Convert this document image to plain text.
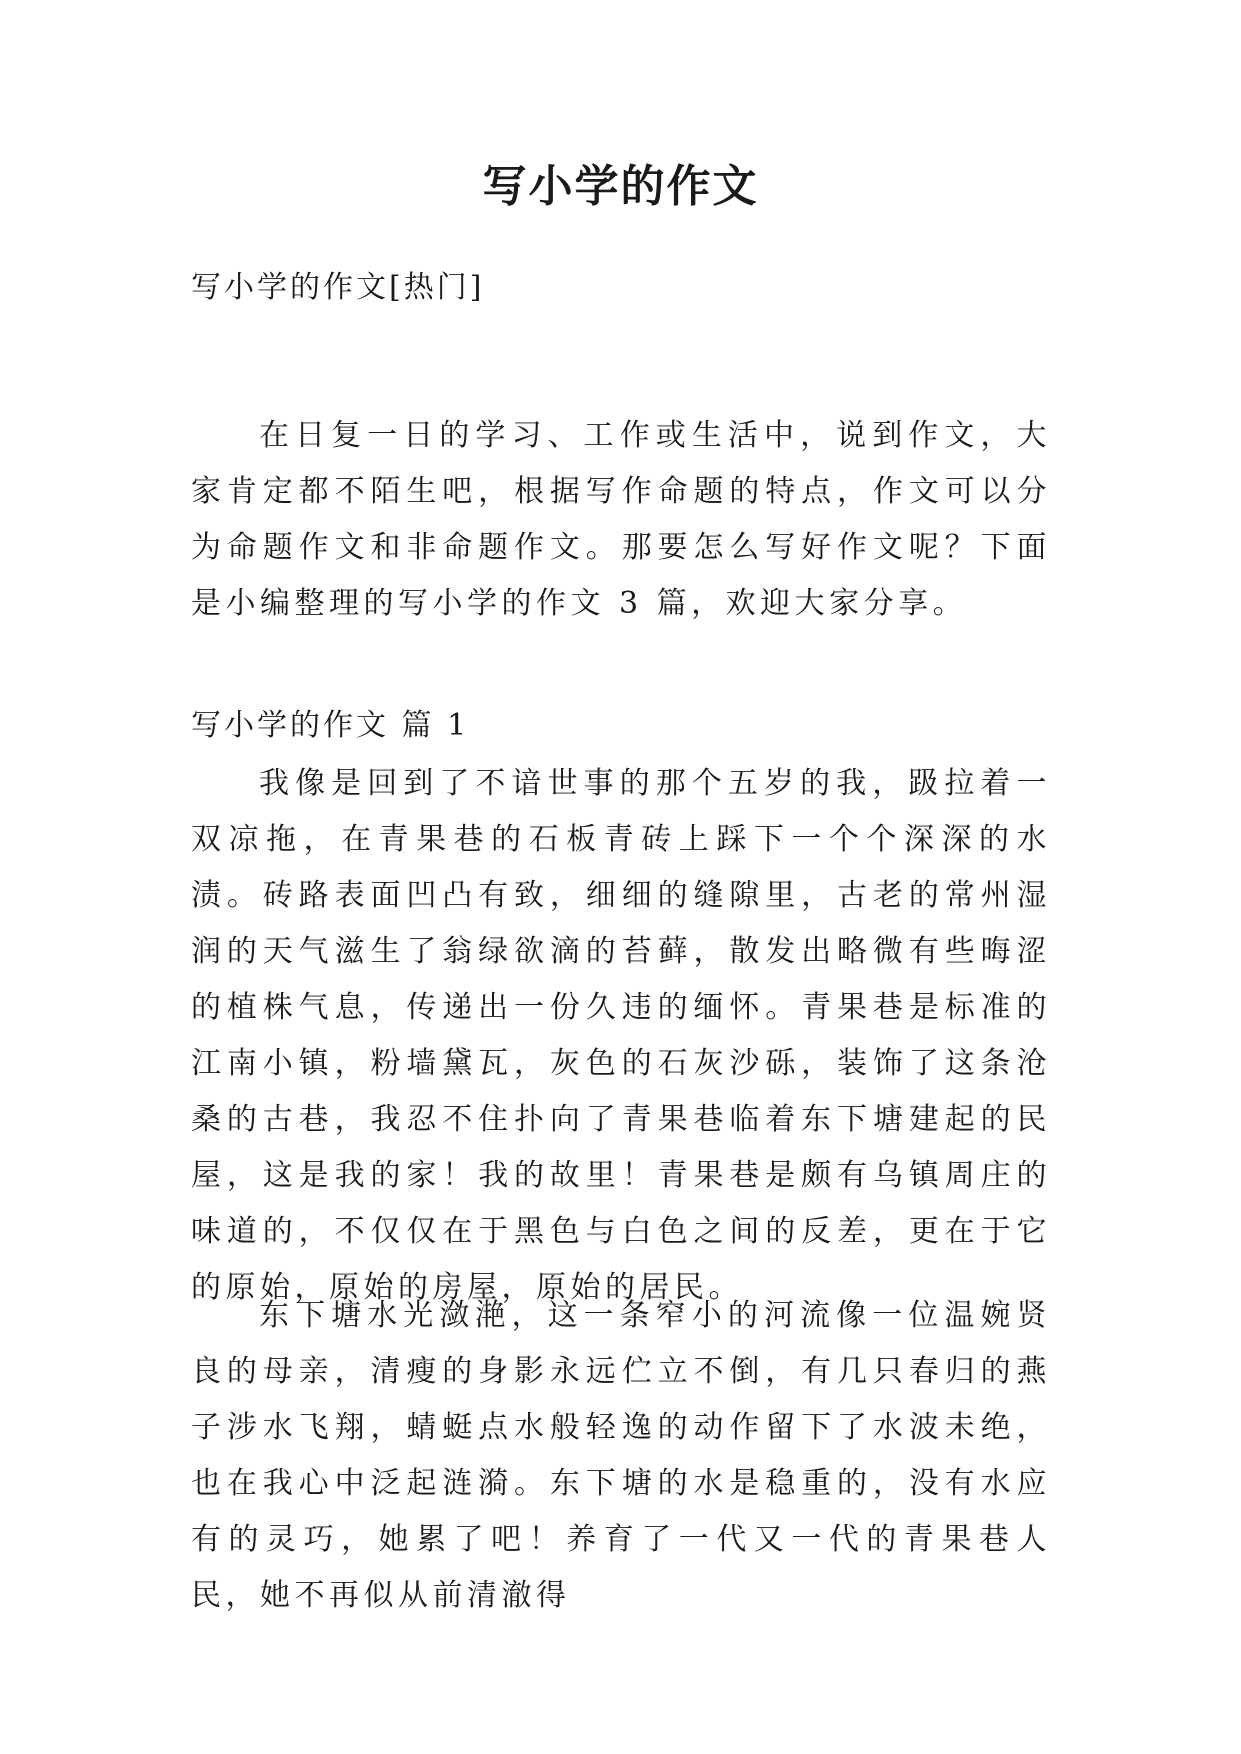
写小学的作文

写小学的作文[热门]

在日复一日的学习、工作或生活中，说到作文，大家肯定都不陌生吧，根据写作命题的特点，作文可以分为命题作文和非命题作文。那要怎么写好作文呢？下面是小编整理的写小学的作文 3 篇，欢迎大家分享。

写小学的作文 篇 1

我像是回到了不谙世事的那个五岁的我，趿拉着一双凉拖，在青果巷的石板青砖上踩下一个个深深的水渍。砖路表面凹凸有致，细细的缝隙里，古老的常州湿润的天气滋生了翁绿欲滴的苔藓，散发出略微有些晦涩的植株气息，传递出一份久违的缅怀。青果巷是标准的江南小镇，粉墙黛瓦，灰色的石灰沙砾，装饰了这条沧桑的古巷，我忍不住扑向了青果巷临着东下塘建起的民屋，这是我的家！我的故里！青果巷是颇有乌镇周庄的味道的，不仅仅在于黑色与白色之间的反差，更在于它的原始，原始的房屋，原始的居民。

东下塘水光潋滟，这一条窄小的河流像一位温婉贤良的母亲，清瘦的身影永远伫立不倒，有几只春归的燕子涉水飞翔，蜻蜓点水般轻逸的动作留下了水波未绝，也在我心中泛起涟漪。东下塘的水是稳重的，没有水应有的灵巧，她累了吧！养育了一代又一代的青果巷人民，她不再似从前清澈得
